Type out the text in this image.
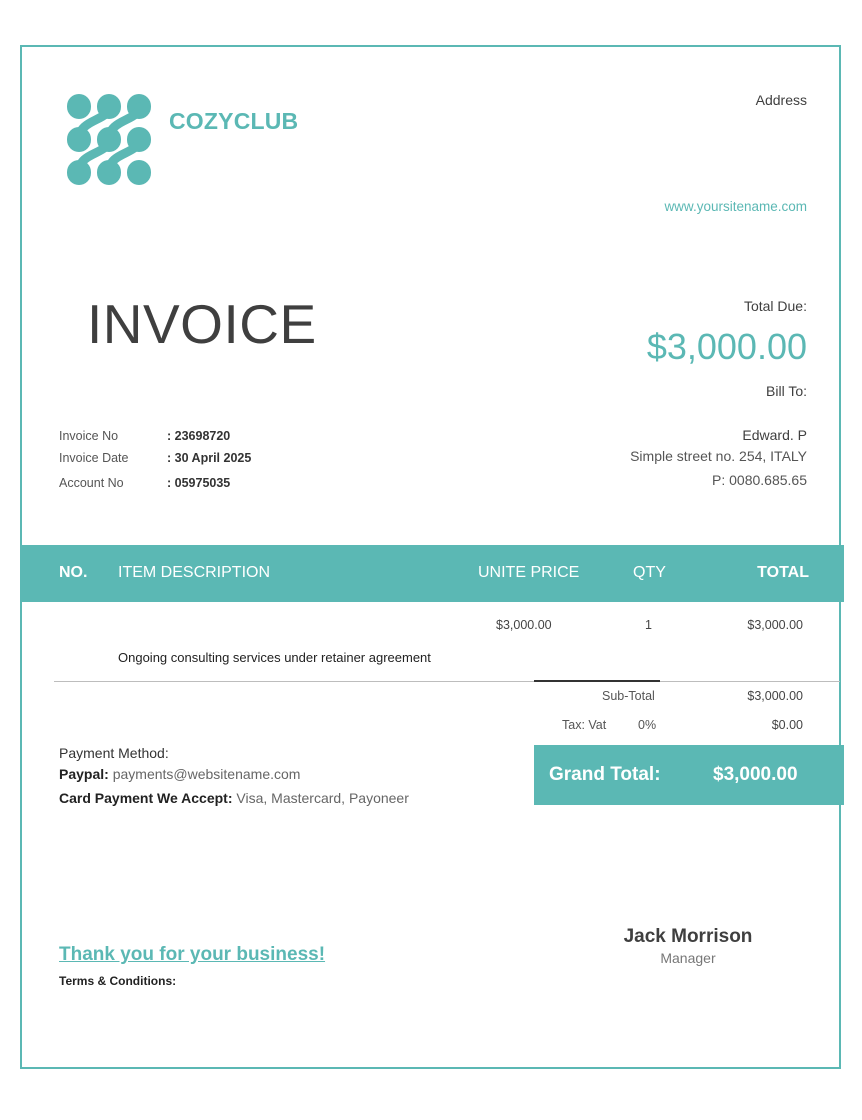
COZYCLUB
Address
www.yoursitename.com
INVOICE	Total Due:
$3,000.00
Bill To:
Invoice No	: 23698720
Invoice Date	: 30 April 2025
Account No	: 05975035
Edward. P
Simple street no. 254, ITALY
P: 0080.685.65
NO. ITEM DESCRIPTION	UNITE PRICE	QTY	TOTAL
$3,000.00	1	$3,000.00
Ongoing consulting services under retainer agreement
Sub-Total	$3,000.00
Tax: Vat	0%	$0.00
Grand Total:	$3,000.00
Payment Method:
Paypal: payments@websitename.com
Card Payment We Accept: Visa, Mastercard, Payoneer
Thank you for your business!
Terms & Conditions:
Jack Morrison
Manager
